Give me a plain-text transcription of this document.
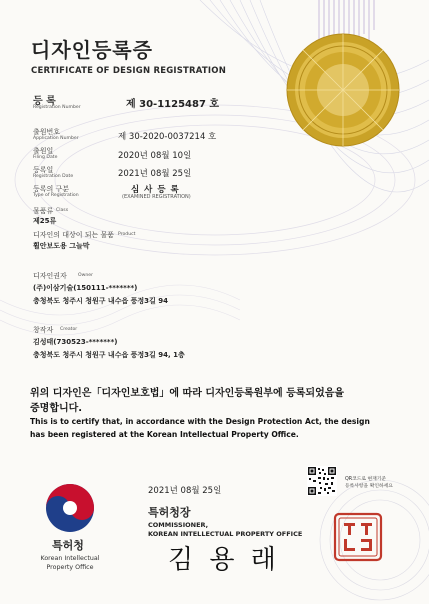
디자인등록증
CERTIFICATE OF DESIGN REGISTRATION
등 록
Registration Number	제 30-1125487 호
출원번호
Application Number	제 30-2020-0037214 호
출원일
Filing Date	2020년 08월 10일
등록일
Registration Date	2021년 08월 25일
등록의 구분
Type of Registration
심 사 등 록
(EXAMINED REGISTRATION)
물품류 Class
제25류
디자인의 대상이 되는 물품 Product
휠안보도용 그늘막
디자인권자 Owner
(주)이삼기술(150111-*******)
충청북도 청주시 청원구 내수읍 풍정3길 94
창작자 Creator
김성태(730523-*******)
충청북도 청주시 청원구 내수읍 풍정3길 94, 1층
위의 디자인은「디자인보호법」에 따라 디자인등록원부에 등록되었음을
증명합니다.
This is to certify that, in accordance with the Design Protection Act, the design
has been registered at the Korean Intellectual Property Office.
2021년 08월 25일
QR코드로 현재기준
등록사항을 확인하세요
특허청장
COMMISSIONER,
KOREAN INTELLECTUAL PROPERTY OFFICE
김 용 래
특허청
Korean Intellectual
Property Office
